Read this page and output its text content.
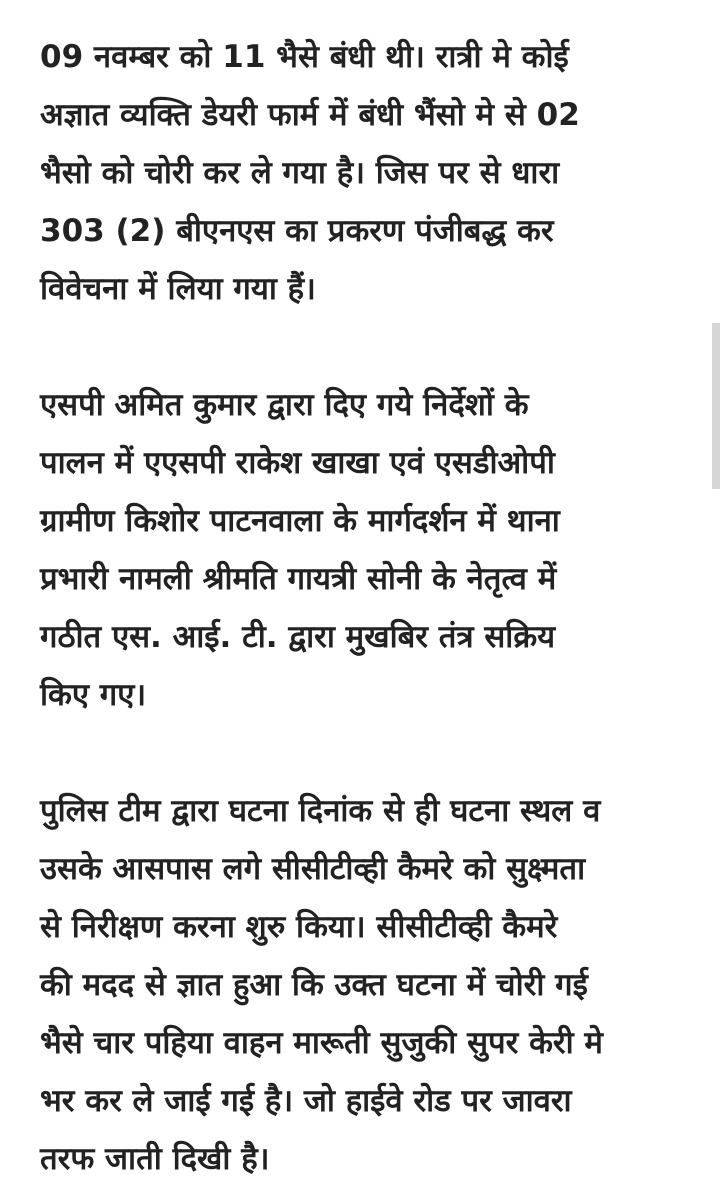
09 नवम्बर को 11 भैसे बंधी थी। रात्री मे कोई
अज्ञात व्यक्ति डेयरी फार्म में बंधी भैंसो मे से 02
भैसो को चोरी कर ले गया है। जिस पर से धारा
303 (2) बीएनएस का प्रकरण पंजीबद्ध कर
विवेचना में लिया गया हैं।

एसपी अमित कुमार द्वारा दिए गये निर्देशों के
पालन में एएसपी राकेश खाखा एवं एसडीओपी
ग्रामीण किशोर पाटनवाला के मार्गदर्शन में थाना
प्रभारी नामली श्रीमति गायत्री सोनी के नेतृत्व में
गठीत एस. आई. टी. द्वारा मुखबिर तंत्र सक्रिय
किए गए।

पुलिस टीम द्वारा घटना दिनांक से ही घटना स्थल व
उसके आसपास लगे सीसीटीव्ही कैमरे को सुक्ष्मता
से निरीक्षण करना शुरु किया। सीसीटीव्ही कैमरे
की मदद से ज्ञात हुआ कि उक्त घटना में चोरी गई
भैसे चार पहिया वाहन मारूती सुजुकी सुपर केरी मे
भर कर ले जाई गई है। जो हाईवे रोड पर जावरा
तरफ जाती दिखी है।
